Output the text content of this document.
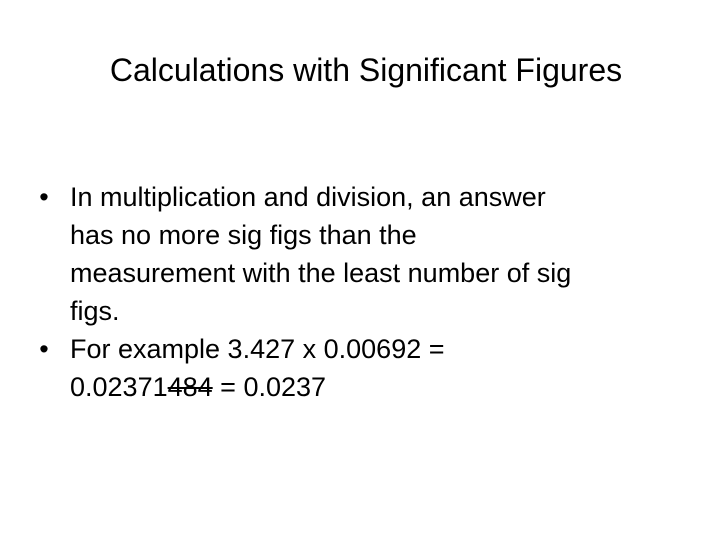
Calculations with Significant Figures
• In multiplication and division, an answer
has no more sig figs than the
measurement with the least number of sig
figs.
• For example 3.427 x 0.00692 =
0.02371484 = 0.0237
